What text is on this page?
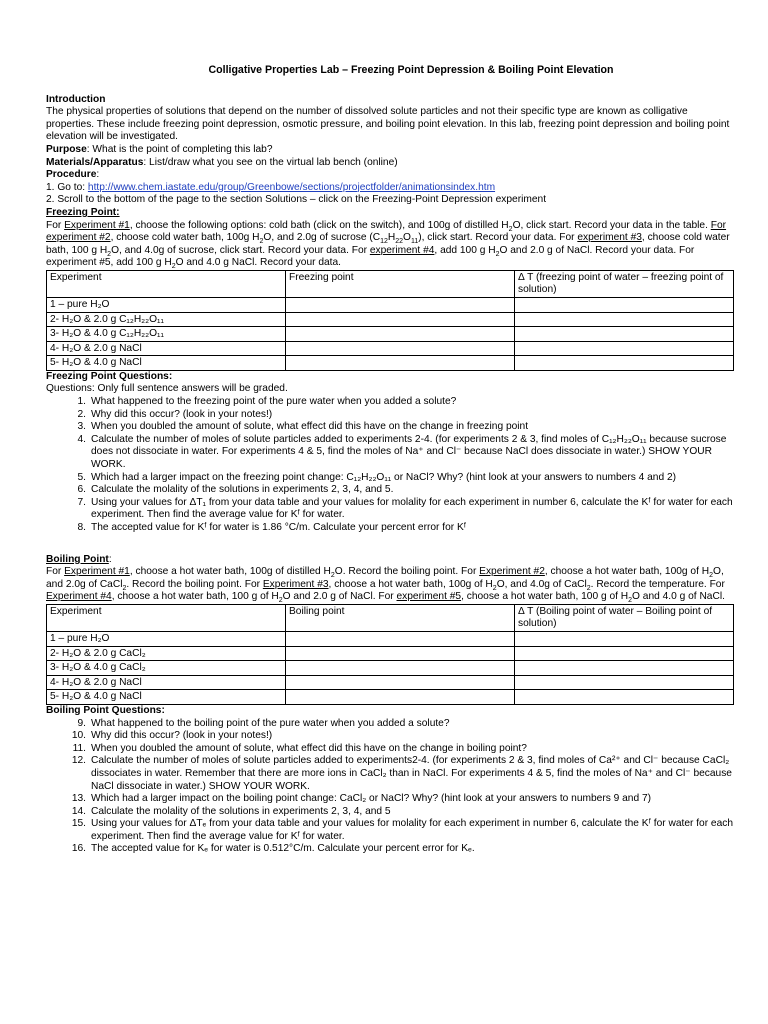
Colligative Properties Lab – Freezing Point Depression & Boiling Point Elevation

Introduction

The physical properties of solutions that depend on the number of dissolved solute particles and not their specific type are known as colligative properties. These include freezing point depression, osmotic pressure, and boiling point elevation. In this lab, freezing point depression and boiling point elevation will be investigated.

Purpose: What is the point of completing this lab?

Materials/Apparatus: List/draw what you see on the virtual lab bench (online)

Procedure:

1. Go to: http://www.chem.iastate.edu/group/Greenbowe/sections/projectfolder/animationsindex.htm

2. Scroll to the bottom of the page to the section Solutions – click on the Freezing-Point Depression experiment

Freezing Point:

For Experiment #1, choose the following options: cold bath (click on the switch), and 100g of distilled $H_2O$, click start. Record your data in the table. For experiment #2, choose cold water bath, 100g $H_2O$, and 2.0g of sucrose $(C_{12}H_{22}O_{11})$, click start. Record your data. For experiment #3, choose cold water bath, 100 g $H_2O$, and 4.0g of sucrose, click start. Record your data. For experiment #4, add 100 g $H_2O$ and 2.0 g of NaCl. Record your data. For experiment #5, add 100 g $H_2O$ and 4.0 g NaCl. Record your data.

Experiment	Freezing point	Δ T (freezing point of water – freezing point of solution)
1 – pure H₂O		
2- H₂O & 2.0 g C₁₂H₂₂O₁₁		
3- H₂O & 4.0 g C₁₂H₂₂O₁₁		
4- H₂O & 2.0 g NaCl		
5- H₂O & 4.0 g NaCl		

Freezing Point Questions:

Questions: Only full sentence answers will be graded.

1. What happened to the freezing point of the pure water when you added a solute?
2. Why did this occur? (look in your notes!)
3. When you doubled the amount of solute, what effect did this have on the change in freezing point
4. Calculate the number of moles of solute particles added to experiments 2-4. (for experiments 2 & 3, find moles of C₁₂H₂₂O₁₁ because sucrose does not dissociate in water. For experiments 4 & 5, find the moles of Na⁺ and Cl⁻ because NaCl does dissociate in water.) SHOW YOUR WORK.
5. Which had a larger impact on the freezing point change: C₁₂H₂₂O₁₁ or NaCl? Why? (hint look at your answers to numbers 4 and 2)
6. Calculate the molality of the solutions in experiments 2, 3, 4, and 5.
7. Using your values for ΔT₁ from your data table and your values for molality for each experiment in number 6, calculate the Kᶠ for water for each experiment. Then find the average value for Kᶠ for water.
8. The accepted value for Kᶠ for water is 1.86 °C/m. Calculate your percent error for Kᶠ

Boiling Point:

For Experiment #1, choose a hot water bath, 100g of distilled $H_2O$. Record the boiling point. For Experiment #2, choose a hot water bath, 100g of $H_2O$, and 2.0g of CaCl$_2$. Record the boiling point. For Experiment #3, choose a hot water bath, 100g of $H_2O$, and 4.0g of CaCl$_2$. Record the temperature. For Experiment #4, choose a hot water bath, 100 g of $H_2O$ and 2.0 g of NaCl. For experiment #5, choose a hot water bath, 100 g of $H_2O$ and 4.0 g of NaCl.

Experiment	Boiling point	Δ T (Boiling point of water – Boiling point of solution)
1 – pure H₂O		
2- H₂O & 2.0 g CaCl₂		
3- H₂O & 4.0 g CaCl₂		
4- H₂O & 2.0 g NaCl		
5- H₂O & 4.0 g NaCl		

Boiling Point Questions:

9. What happened to the boiling point of the pure water when you added a solute?
10. Why did this occur? (look in your notes!)
11. When you doubled the amount of solute, what effect did this have on the change in boiling point?
12. Calculate the number of moles of solute particles added to experiments2-4. (for experiments 2 & 3, find moles of Ca²⁺ and Cl⁻ because CaCl₂ dissociates in water. Remember that there are more ions in CaCl₂ than in NaCl. For experiments 4 & 5, find the moles of Na⁺ and Cl⁻ because NaCl dissociate in water.) SHOW YOUR WORK.
13. Which had a larger impact on the boiling point change: CaCl₂ or NaCl? Why? (hint look at your answers to numbers 9 and 7)
14. Calculate the molality of the solutions in experiments 2, 3, 4, and 5
15. Using your values for ΔTₑ from your data table and your values for molality for each experiment in number 6, calculate the Kᶠ for water for each experiment. Then find the average value for Kᶠ for water.
16. The accepted value for Kₑ for water is 0.512°C/m. Calculate your percent error for Kₑ.
